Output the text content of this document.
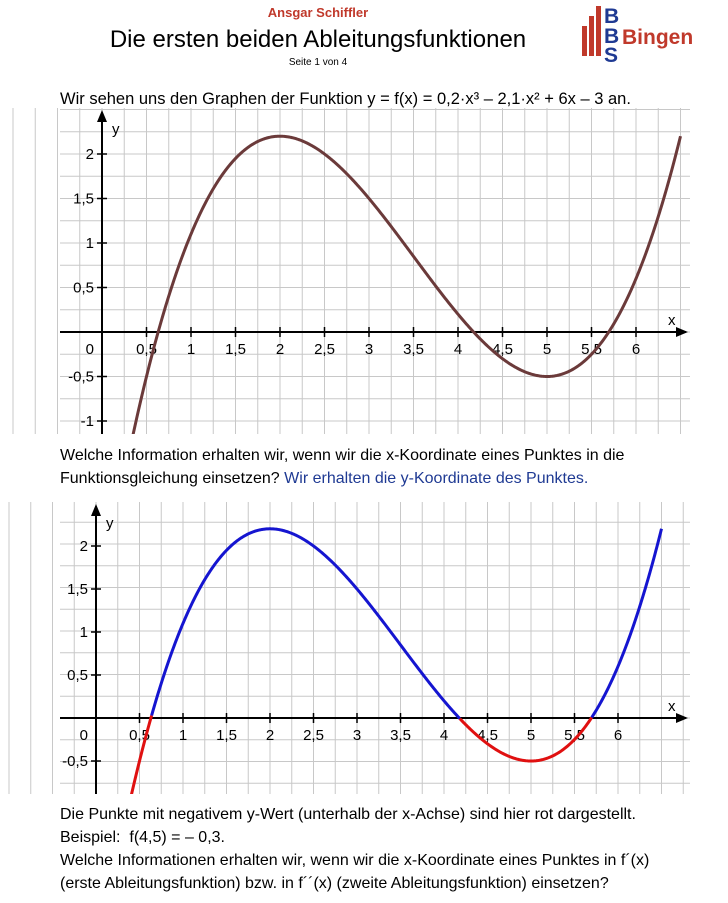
Ansgar Schiffler
Die ersten beiden Ableitungsfunktionen
Seite 1 von 4
B
B
S
Bingen
Wir sehen uns den Graphen der Funktion y = f(x) = 0,2·x³ – 2,1·x² + 6x – 3 an.
x
y
0	0,5 1 1,5 2 2,5 3 3,5 4 4,5 5 5,5 6
-1
-0,5
0,5
1
1,5
2
Welche Information erhalten wir, wenn wir die x-Koordinate eines Punktes in die
Funktionsgleichung einsetzen? Wir erhalten die y-Koordinate des Punktes.
x
y
0	0,5 1 1,5 2 2,5 3 3,5 4 4,5 5 5,5 6
-0,5
0,5
1
1,5
2
Die Punkte mit negativem y-Wert (unterhalb der x-Achse) sind hier rot dargestellt.
Beispiel:  f(4,5) = – 0,3.
Welche Informationen erhalten wir, wenn wir die x-Koordinate eines Punktes in f´(x)
(erste Ableitungsfunktion) bzw. in f´´(x) (zweite Ableitungsfunktion) einsetzen?
